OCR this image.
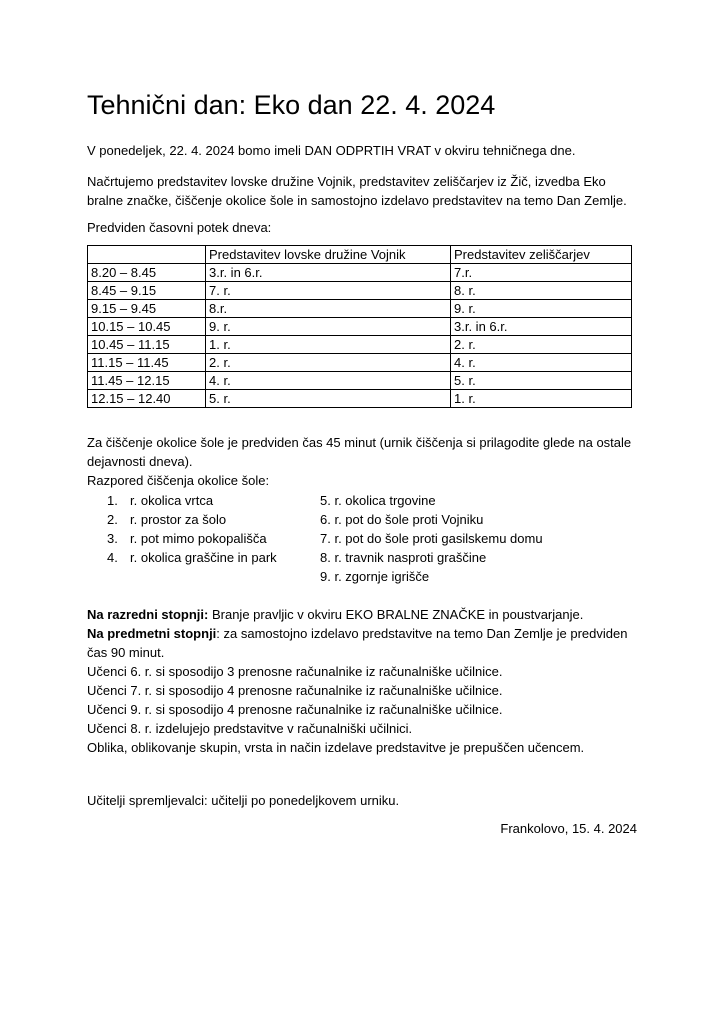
Tehnični dan: Eko dan 22. 4. 2024

V ponedeljek, 22. 4. 2024 bomo imeli DAN ODPRTIH VRAT v okviru tehničnega dne.

Načrtujemo predstavitev lovske družine Vojnik, predstavitev zeliščarjev iz Žič, izvedba Eko bralne značke, čiščenje okolice šole in samostojno izdelavo predstavitev na temo Dan Zemlje.

Predviden časovni potek dneva:

	Predstavitev lovske družine Vojnik	Predstavitev zeliščarjev
8.20 – 8.45	3.r. in 6.r.	7.r.
8.45 – 9.15	7. r.	8. r.
9.15 – 9.45	8.r.	9. r.
10.15 – 10.45	9. r.	3.r. in 6.r.
10.45 – 11.15	1. r.	2. r.
11.15 – 11.45	2. r.	4. r.
11.45 – 12.15	4. r.	5. r.
12.15 – 12.40	5. r.	1. r.

Za čiščenje okolice šole je predviden čas 45 minut (urnik čiščenja si prilagodite glede na ostale dejavnosti dneva).

Razpored čiščenja okolice šole:

1. r. okolica vrtca	5. r. okolica trgovine
2. r. prostor za šolo	6. r. pot do šole proti Vojniku
3. r. pot mimo pokopališča	7. r. pot do šole proti gasilskemu domu
4. r. okolica graščine in park	8. r. travnik nasproti graščine
9. r. zgornje igrišče
Na razredni stopnji: Branje pravljic v okviru EKO BRALNE ZNAČKE in poustvarjanje.
Na predmetni stopnji: za samostojno izdelavo predstavitve na temo Dan Zemlje je predviden čas 90 minut.
Učenci 6. r. si sposodijo 3 prenosne računalnike iz računalniške učilnice.
Učenci 7. r. si sposodijo 4 prenosne računalnike iz računalniške učilnice.
Učenci 9. r. si sposodijo 4 prenosne računalnike iz računalniške učilnice.
Učenci 8. r. izdelujejo predstavitve v računalniški učilnici.
Oblika, oblikovanje skupin, vrsta in način izdelave predstavitve je prepuščen učencem.

Učitelji spremljevalci: učitelji po ponedeljkovem urniku.

Frankolovo, 15. 4. 2024
